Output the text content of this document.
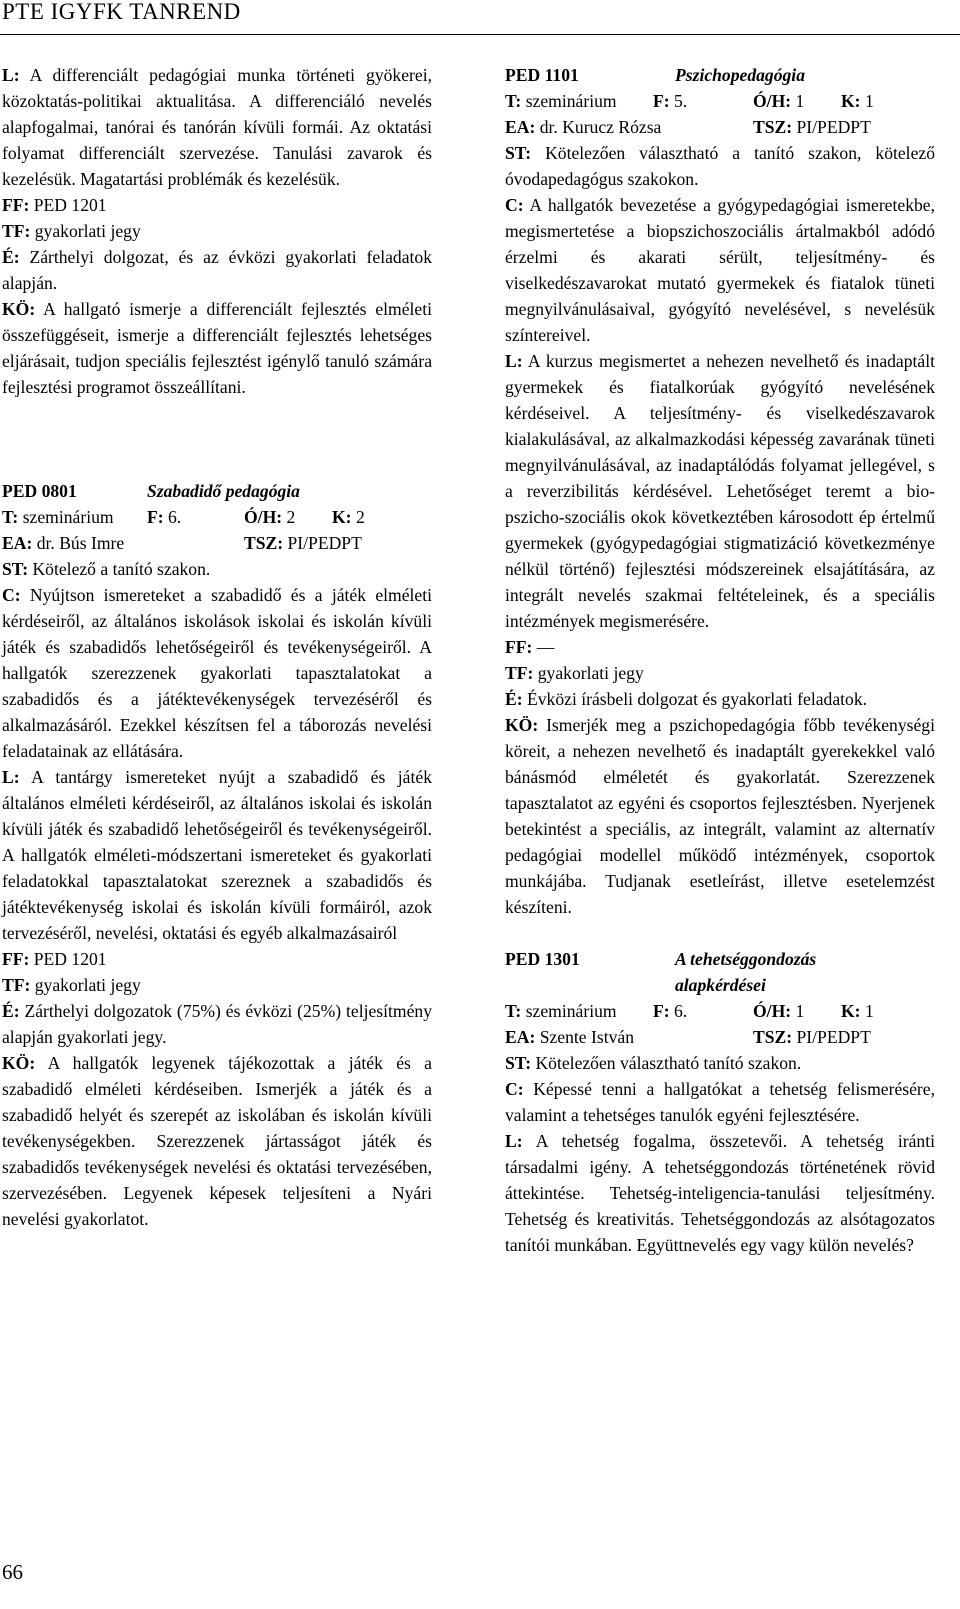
PTE IGYFK TANREND

L: A differenciált pedagógiai munka történeti gyökerei, közoktatás-politikai aktualitása. A differenciáló nevelés alapfogalmai, tanórai és tanórán kívüli formái. Az oktatási folyamat differenciált szervezése. Tanulási zavarok és kezelésük. Magatartási problémák és kezelésük.

FF: PED 1201

TF: gyakorlati jegy

É: Zárthelyi dolgozat, és az évközi gyakorlati feladatok alapján.

KÖ: A hallgató ismerje a differenciált fejlesztés elméleti összefüggéseit, ismerje a differenciált fejlesztés lehetséges eljárásait, tudjon speciális fejlesztést igénylő tanuló számára fejlesztési programot összeállítani.

PED 0801	Szabadidő pedagógia
T: szeminárium F: 6.	Ó/H: 2 K: 2
EA: dr. Bús Imre	TSZ: PI/PEDPT

ST: Kötelező a tanító szakon.

C: Nyújtson ismereteket a szabadidő és a játék elméleti kérdéseiről, az általános iskolások iskolai és iskolán kívüli játék és szabadidős lehetőségeiről és tevékenységeiről. A hallgatók szerezzenek gyakorlati tapasztalatokat a szabadidős és a játéktevékenységek tervezéséről és alkalmazásáról. Ezekkel készítsen fel a táborozás nevelési feladatainak az ellátására.

L: A tantárgy ismereteket nyújt a szabadidő és játék általános elméleti kérdéseiről, az általános iskolai és iskolán kívüli játék és szabadidő lehetőségeiről és tevékenységeiről. A hallgatók elméleti-módszertani ismereteket és gyakorlati feladatokkal tapasztalatokat szereznek a szabadidős és játéktevékenység iskolai és iskolán kívüli formáiról, azok tervezéséről, nevelési, oktatási és egyéb alkalmazásairól

FF: PED 1201

TF: gyakorlati jegy

É: Zárthelyi dolgozatok (75%) és évközi (25%) teljesítmény alapján gyakorlati jegy.

KÖ: A hallgatók legyenek tájékozottak a játék és a szabadidő elméleti kérdéseiben. Ismerjék a játék és a szabadidő helyét és szerepét az iskolában és iskolán kívüli tevékenységekben. Szerezzenek jártasságot játék és szabadidős tevékenységek nevelési és oktatási tervezésében, szervezésében. Legyenek képesek teljesíteni a Nyári nevelési gyakorlatot.

PED 1101	Pszichopedagógia
T: szeminárium F: 5.	Ó/H: 1 K: 1
EA: dr. Kurucz Rózsa	TSZ: PI/PEDPT

ST: Kötelezően választható a tanító szakon, kötelező óvodapedagógus szakokon.

C: A hallgatók bevezetése a gyógypedagógiai ismeretekbe, megismertetése a biopszichoszociális ártalmakból adódó érzelmi és akarati sérült, teljesítmény- és viselkedészavarokat mutató gyermekek és fiatalok tüneti megnyilvánulásaival, gyógyító nevelésével, s nevelésük színtereivel.

L: A kurzus megismertet a nehezen nevelhető és inadaptált gyermekek és fiatalkorúak gyógyító nevelésének kérdéseivel. A teljesítmény- és viselkedészavarok kialakulásával, az alkalmazkodási képesség zavarának tüneti megnyilvánulásával, az inadaptálódás folyamat jellegével, s a reverzibilitás kérdésével. Lehetőséget teremt a bio-pszicho-szociális okok következtében károsodott ép értelmű gyermekek (gyógypedagógiai stigmatizáció következménye nélkül történő) fejlesztési módszereinek elsajátítására, az integrált nevelés szakmai feltételeinek, és a speciális intézmények megismerésére.

FF: —

TF: gyakorlati jegy

É: Évközi írásbeli dolgozat és gyakorlati feladatok.

KÖ: Ismerjék meg a pszichopedagógia főbb tevékenységi köreit, a nehezen nevelhető és inadaptált gyerekekkel való bánásmód elméletét és gyakorlatát. Szerezzenek tapasztalatot az egyéni és csoportos fejlesztésben. Nyerjenek betekintést a speciális, az integrált, valamint az alternatív pedagógiai modellel működő intézmények, csoportok munkájába. Tudjanak esetleírást, illetve esetelemzést készíteni.

PED 1301	A tehetséggondozás
alapkérdései
T: szeminárium F: 6.	Ó/H: 1 K: 1
EA: Szente István	TSZ: PI/PEDPT

ST: Kötelezően választható tanító szakon.

C: Képessé tenni a hallgatókat a tehetség felismerésére, valamint a tehetséges tanulók egyéni fejlesztésére.

L: A tehetség fogalma, összetevői. A tehetség iránti társadalmi igény. A tehetséggondozás történetének rövid áttekintése. Tehetség-inteligencia-tanulási teljesítmény. Tehetség és kreativitás. Tehetséggondozás az alsótagozatos tanítói munkában. Együttnevelés egy vagy külön nevelés?

66
